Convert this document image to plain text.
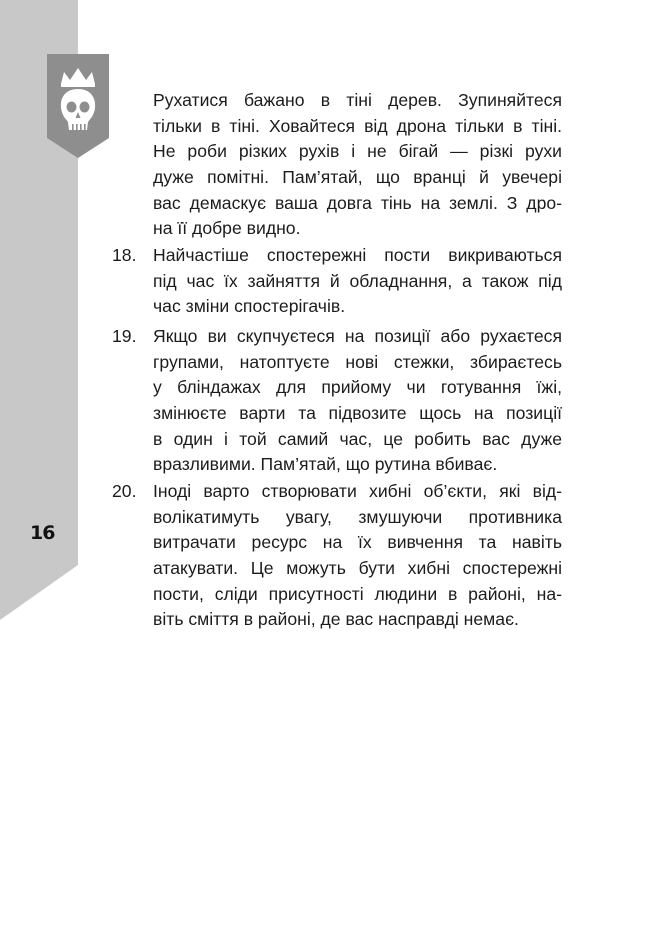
16
Рухатися бажано в тіні дерев. Зупиняйтеся
тільки в тіні. Ховайтеся від дрона тільки в тіні.
Не роби різких рухів і не бігай — різкі рухи
дуже помітні. Пам’ятай, що вранці й увечері
вас демаскує ваша довга тінь на землі. З дро-
на її добре видно.
18. Найчастіше спостережні пости викриваються
під час їх зайняття й обладнання, а також під
час зміни спостерігачів.
19. Якщо ви скупчуєтеся на позиції або рухаєтеся
групами, натоптуєте нові стежки, збираєтесь
у бліндажах для прийому чи готування їжі,
змінюєте варти та підвозите щось на позиції
в один і той самий час, це робить вас дуже
вразливими. Пам’ятай, що рутина вбиває.
20. Іноді варто створювати хибні об’єкти, які від-
волікатимуть увагу, змушуючи противника
витрачати ресурс на їх вивчення та навіть
атакувати. Це можуть бути хибні спостережні
пости, сліди присутності людини в районі, на-
віть сміття в районі, де вас насправді немає.
